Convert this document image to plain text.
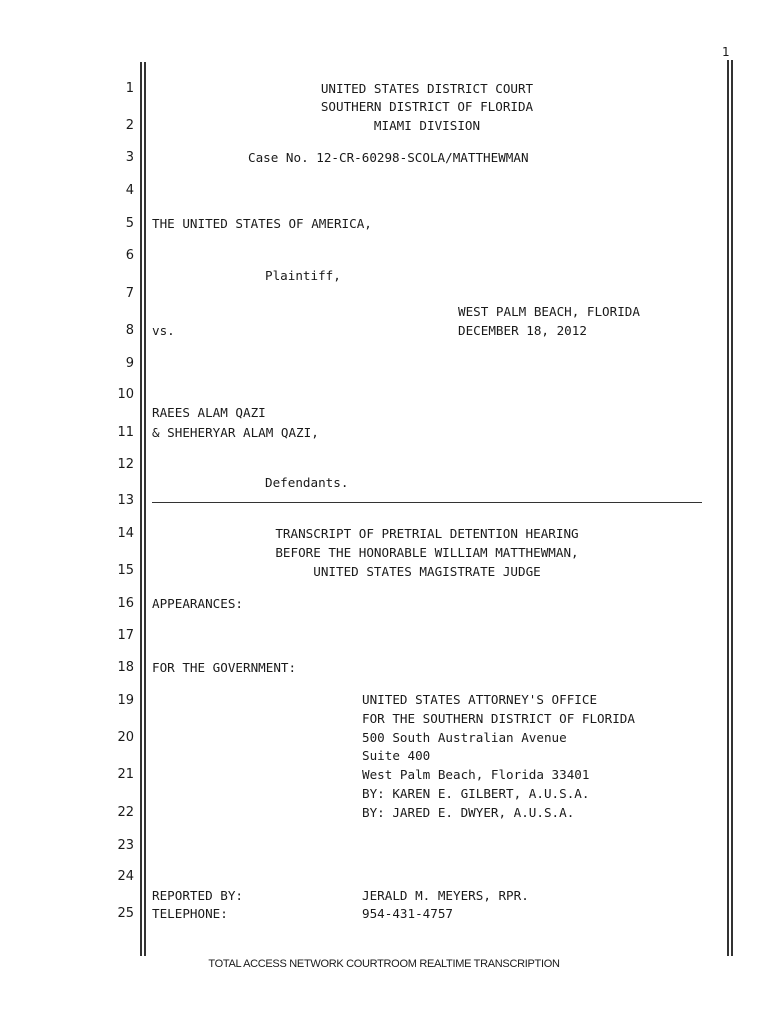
1
1
2
3
4
5
6
7
8
9
10
11
12
13
14
15
16
17
18
19
20
21
22
23
24
25
UNITED STATES DISTRICT COURT
SOUTHERN DISTRICT OF FLORIDA
MIAMI DIVISION
Case No. 12-CR-60298-SCOLA/MATTHEWMAN
THE UNITED STATES OF AMERICA,
Plaintiff,
WEST PALM BEACH, FLORIDA
DECEMBER 18, 2012
vs.
RAEES ALAM QAZI
& SHEHERYAR ALAM QAZI,
Defendants.
TRANSCRIPT OF PRETRIAL DETENTION HEARING
BEFORE THE HONORABLE WILLIAM MATTHEWMAN,
UNITED STATES MAGISTRATE JUDGE
APPEARANCES:
FOR THE GOVERNMENT:
UNITED STATES ATTORNEY'S OFFICE
FOR THE SOUTHERN DISTRICT OF FLORIDA
500 South Australian Avenue
Suite 400
West Palm Beach, Florida 33401
BY: KAREN E. GILBERT, A.U.S.A.
BY: JARED E. DWYER, A.U.S.A.
REPORTED BY:	JERALD M. MEYERS, RPR.
TELEPHONE:	954-431-4757
TOTAL ACCESS NETWORK COURTROOM REALTIME TRANSCRIPTION
